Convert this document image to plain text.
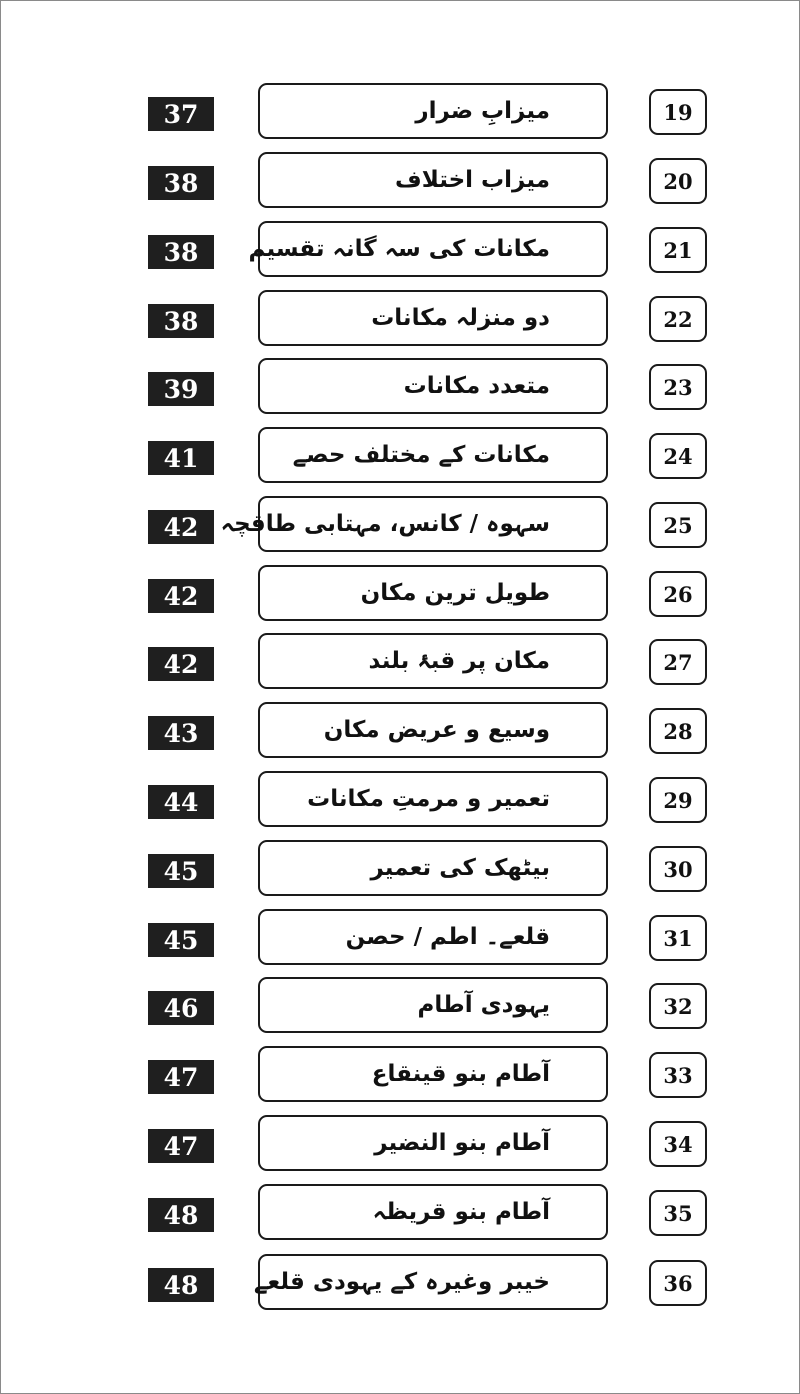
37	میزابِ ضرار	19
38	میزاب اختلاف	20
38	مکانات کی سہ گانہ تقسیم	21
38	دو منزلہ مکانات	22
39	متعدد مکانات	23
41	مکانات کے مختلف حصے	24
42 سہوہ / کانس، مہتابی طاقچہ	25
42	طویل ترین مکان	26
42	مکان پر قبۂ بلند	27
43	وسیع و عریض مکان	28
44	تعمیر و مرمتِ مکانات	29
45	بیٹھک کی تعمیر	30
45	قلعے۔ اطم / حصن	31
46	یہودی آطام	32
47	آطام بنو قینقاع	33
47	آطام بنو النضیر	34
48	آطام بنو قریظہ	35
48	خیبر وغیرہ کے یہودی قلعے	36
